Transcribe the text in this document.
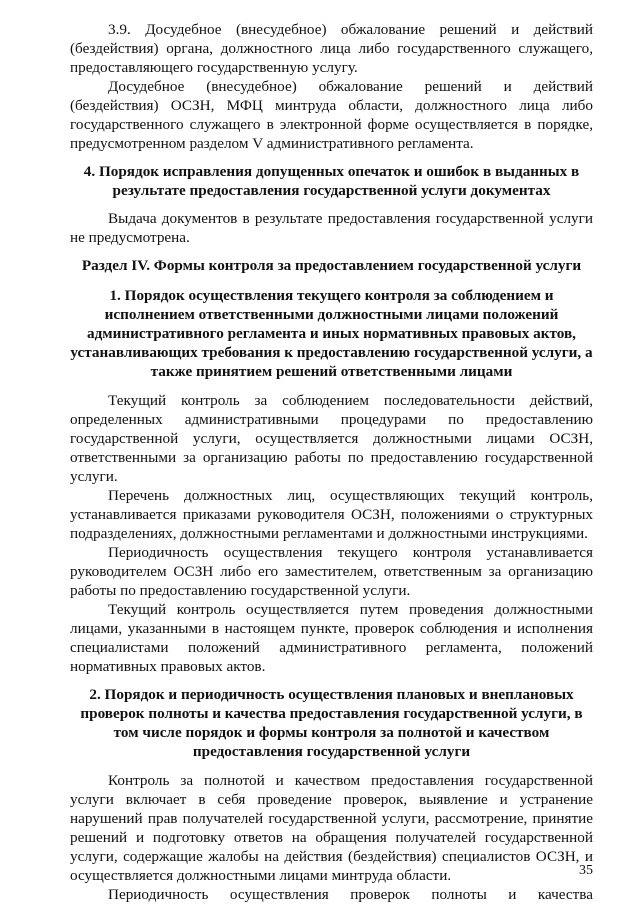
3.9. Досудебное (внесудебное) обжалование решений и действий (бездействия) органа, должностного лица либо государственного служащего, предоставляющего государственную услугу.

Досудебное (внесудебное) обжалование решений и действий (бездействия) ОСЗН, МФЦ минтруда области, должностного лица либо государственного служащего в электронной форме осуществляется в порядке, предусмотренном разделом V административного регламента.

4. Порядок исправления допущенных опечаток и ошибок в выданных в результате предоставления государственной услуги документах

Выдача документов в результате предоставления государственной услуги не предусмотрена.

Раздел IV. Формы контроля за предоставлением государственной услуги
1. Порядок осуществления текущего контроля за соблюдением и исполнением ответственными должностными лицами положений административного регламента и иных нормативных правовых актов, устанавливающих требования к предоставлению государственной услуги, а также принятием решений ответственными лицами

Текущий контроль за соблюдением последовательности действий, определенных административными процедурами по предоставлению государственной услуги, осуществляется должностными лицами ОСЗН, ответственными за организацию работы по предоставлению государственной услуги.

Перечень должностных лиц, осуществляющих текущий контроль, устанавливается приказами руководителя ОСЗН, положениями о структурных подразделениях, должностными регламентами и должностными инструкциями.

Периодичность осуществления текущего контроля устанавливается руководителем ОСЗН либо его заместителем, ответственным за организацию работы по предоставлению государственной услуги.

Текущий контроль осуществляется путем проведения должностными лицами, указанными в настоящем пункте, проверок соблюдения и исполнения специалистами положений административного регламента, положений нормативных правовых актов.

2. Порядок и периодичность осуществления плановых и внеплановых проверок полноты и качества предоставления государственной услуги, в том числе порядок и формы контроля за полнотой и качеством предоставления государственной услуги

Контроль за полнотой и качеством предоставления государственной услуги включает в себя проведение проверок, выявление и устранение нарушений прав получателей государственной услуги, рассмотрение, принятие решений и подготовку ответов на обращения получателей государственной услуги, содержащие жалобы на действия (бездействия) специалистов ОСЗН, и осуществляется должностными лицами минтруда области.

Периодичность осуществления проверок полноты и качества

35
